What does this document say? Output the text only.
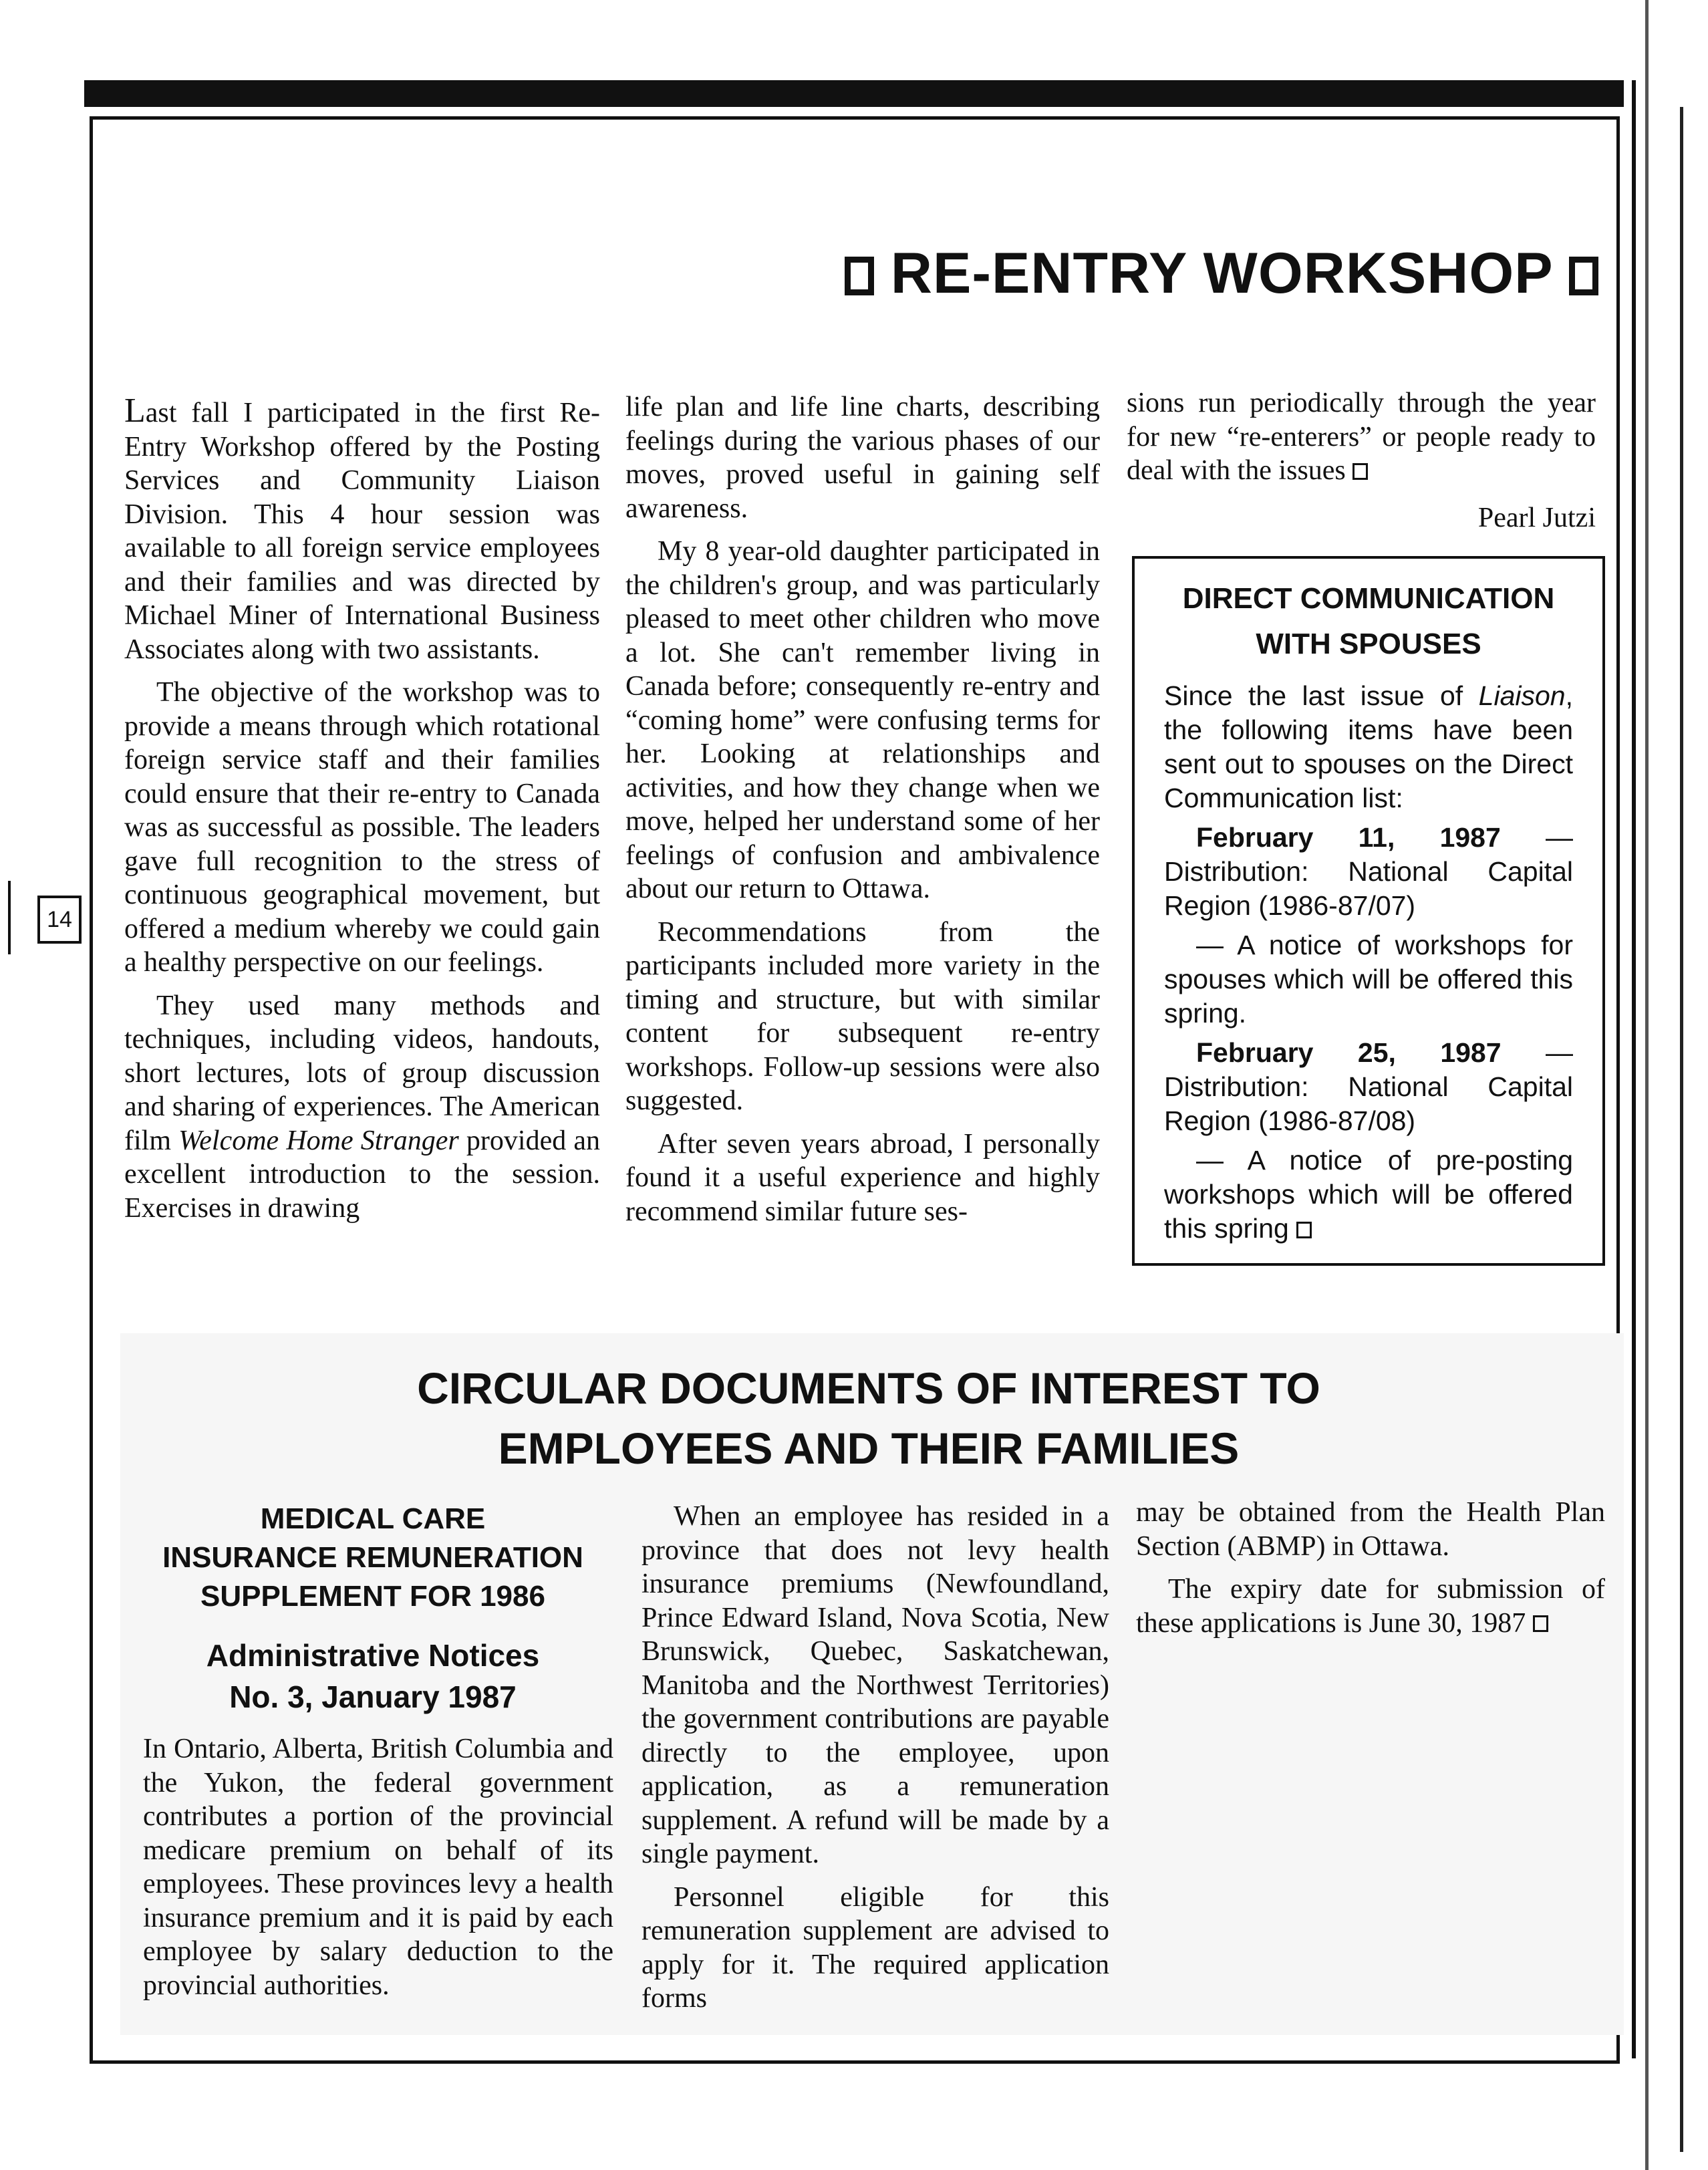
14
RE-ENTRY WORKSHOP

Last fall I participated in the first Re-Entry Workshop offered by the Posting Services and Community Liaison Division. This 4 hour session was available to all foreign service employees and their families and was directed by Michael Miner of International Business Associates along with two assistants.

The objective of the workshop was to provide a means through which rotational foreign service staff and their families could ensure that their re-entry to Canada was as successful as possible. The leaders gave full recognition to the stress of continuous geographical movement, but offered a medium whereby we could gain a healthy perspective on our feelings.

They used many methods and techniques, including videos, handouts, short lectures, lots of group discussion and sharing of experiences. The American film Welcome Home Stranger provided an excellent introduction to the session. Exercises in drawing

life plan and life line charts, describing feelings during the various phases of our moves, proved useful in gaining self awareness.

My 8 year-old daughter participated in the children's group, and was particularly pleased to meet other children who move a lot. She can't remember living in Canada before; consequently re-entry and “coming home” were confusing terms for her. Looking at relationships and activities, and how they change when we move, helped her understand some of her feelings of confusion and ambivalence about our return to Ottawa.

Recommendations from the participants included more variety in the timing and structure, but with similar content for subsequent re-entry workshops. Follow-up sessions were also suggested.

After seven years abroad, I personally found it a useful experience and highly recommend similar future ses-

sions run periodically through the year for new “re-enterers” or people ready to deal with the issues

Pearl Jutzi

DIRECT COMMUNICATION
WITH SPOUSES

Since the last issue of Liaison, the following items have been sent out to spouses on the Direct Communication list:

February 11, 1987 — Distribution: National Capital Region (1986-87/07)

— A notice of workshops for spouses which will be offered this spring.

February 25, 1987 — Distribution: National Capital Region (1986-87/08)

— A notice of pre-posting workshops which will be offered this spring

CIRCULAR DOCUMENTS OF INTEREST TO
EMPLOYEES AND THEIR FAMILIES
MEDICAL CARE
INSURANCE REMUNERATION
SUPPLEMENT FOR 1986
Administrative Notices
No. 3, January 1987

In Ontario, Alberta, British Columbia and the Yukon, the federal government contributes a portion of the provincial medicare premium on behalf of its employees. These provinces levy a health insurance premium and it is paid by each employee by salary deduction to the provincial authorities.

When an employee has resided in a province that does not levy health insurance premiums (Newfoundland, Prince Edward Island, Nova Scotia, New Brunswick, Quebec, Saskatchewan, Manitoba and the Northwest Territories) the government contributions are payable directly to the employee, upon application, as a remuneration supplement. A refund will be made by a single payment.

Personnel eligible for this remuneration supplement are advised to apply for it. The required application forms

may be obtained from the Health Plan Section (ABMP) in Ottawa.

The expiry date for submission of these applications is June 30, 1987
